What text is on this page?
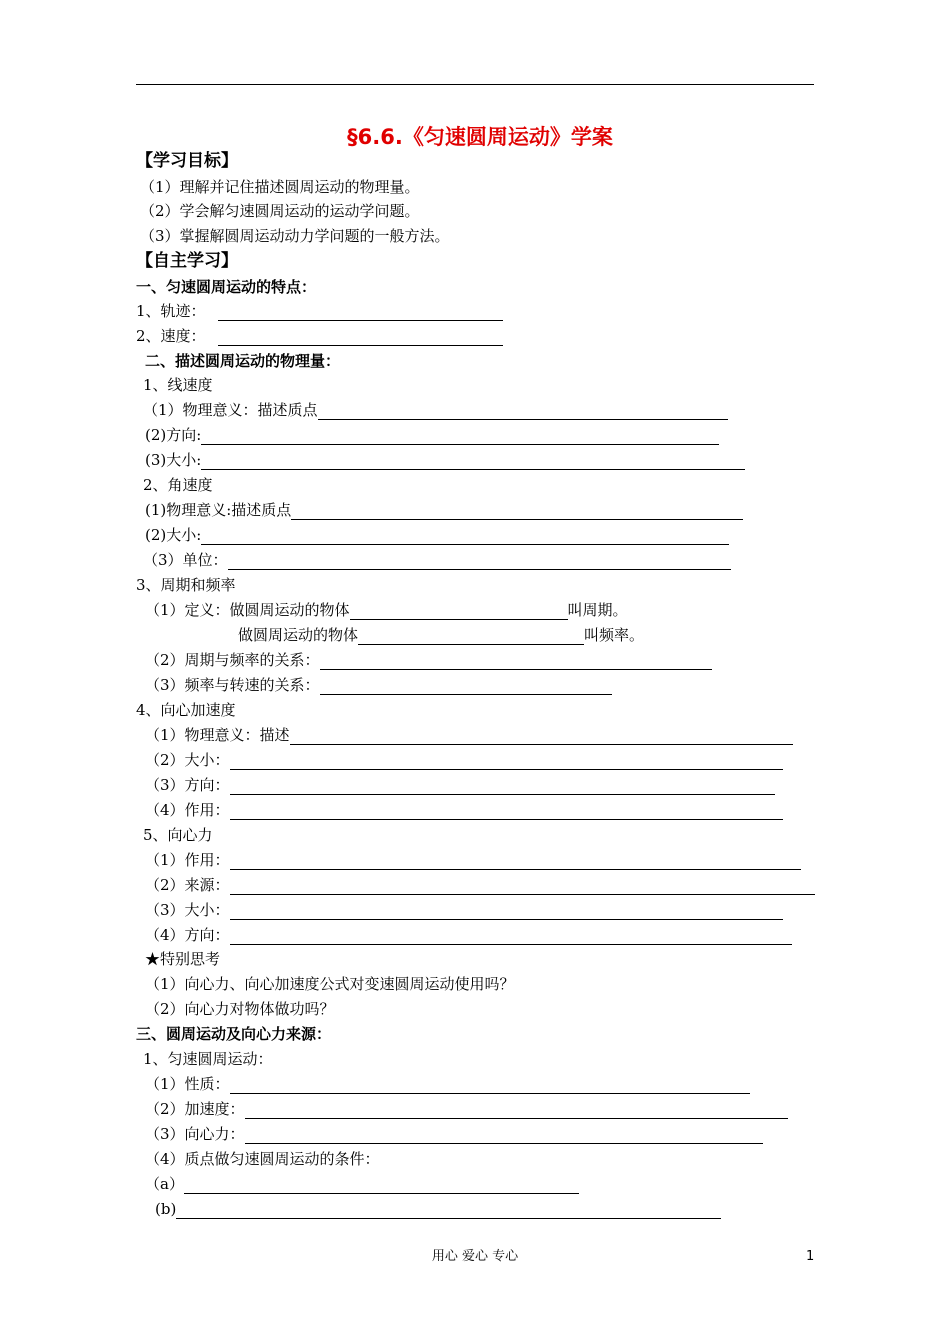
§6.6.《匀速圆周运动》学案
【学习目标】
（1）理解并记住描述圆周运动的物理量。
（2）学会解匀速圆周运动的运动学问题。
（3）掌握解圆周运动动力学问题的一般方法。
【自主学习】
一、匀速圆周运动的特点：
1、轨迹：
2、速度：
二、描述圆周运动的物理量：
1、线速度
（1）物理意义：描述质点
(2)方向:
(3)大小:
2、角速度
(1)物理意义:描述质点
(2)大小:
（3）单位：
3、周期和频率
（1）定义：做圆周运动的物体	叫周期。
做圆周运动的物体	叫频率。
（2）周期与频率的关系：
（3）频率与转速的关系：
4、向心加速度
（1）物理意义：描述
（2）大小：
（3）方向：
（4）作用：
5、向心力
（1）作用：
（2）来源：
（3）大小：
（4）方向：
★特别思考
（1）向心力、向心加速度公式对变速圆周运动使用吗？
（2）向心力对物体做功吗？
三、圆周运动及向心力来源：
1、匀速圆周运动：
（1）性质：
（2）加速度：
（3）向心力：
（4）质点做匀速圆周运动的条件：
（a）
(b)
用心 爱心 专心	1
